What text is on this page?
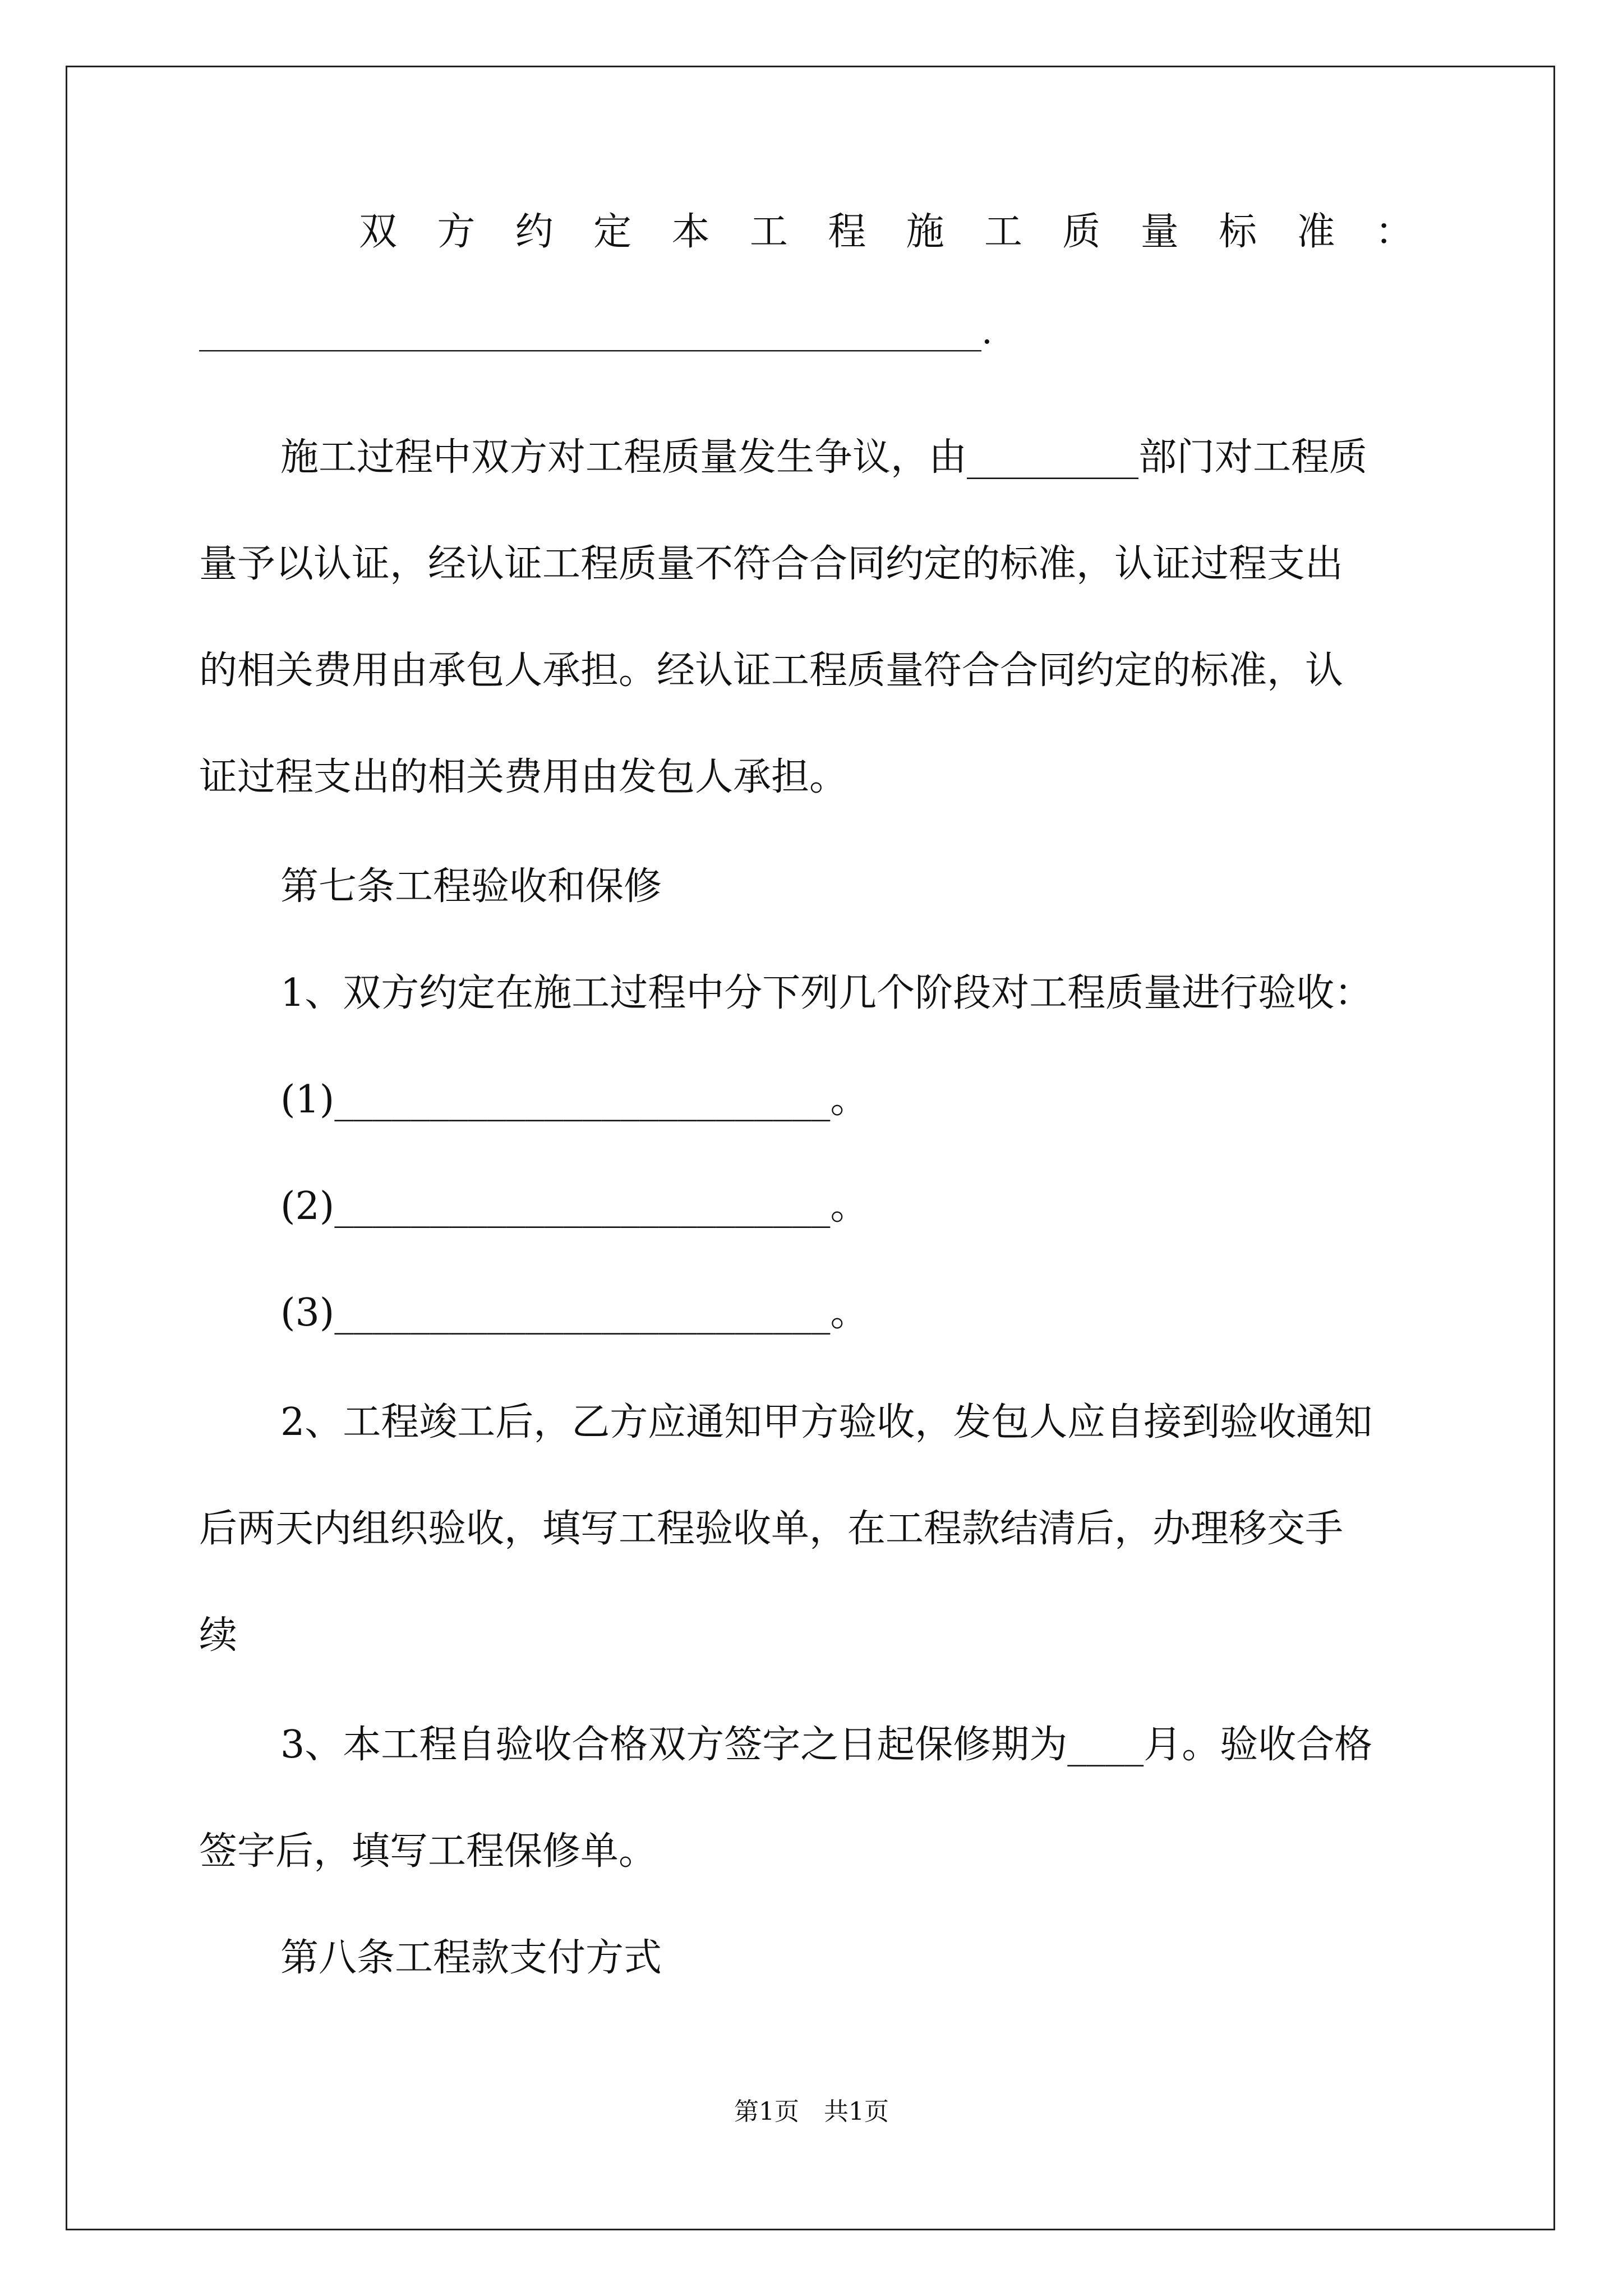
双 方 约 定 本 工 程 施 工 质 量 标 准 ：

_____________________________________________.

施工过程中双方对工程质量发生争议，由_________部门对工程质

量予以认证，经认证工程质量不符合合同约定的标准，认证过程支出

的相关费用由承包人承担。经认证工程质量符合合同约定的标准，认

证过程支出的相关费用由发包人承担。

第七条工程验收和保修

1、双方约定在施工过程中分下列几个阶段对工程质量进行验收：

(1)__________________________。

(2)__________________________。

(3)__________________________。

2、工程竣工后，乙方应通知甲方验收，发包人应自接到验收通知

后两天内组织验收，填写工程验收单，在工程款结清后，办理移交手

续

3、本工程自验收合格双方签字之日起保修期为____月。验收合格

签字后，填写工程保修单。

第八条工程款支付方式

第1页　共1页
